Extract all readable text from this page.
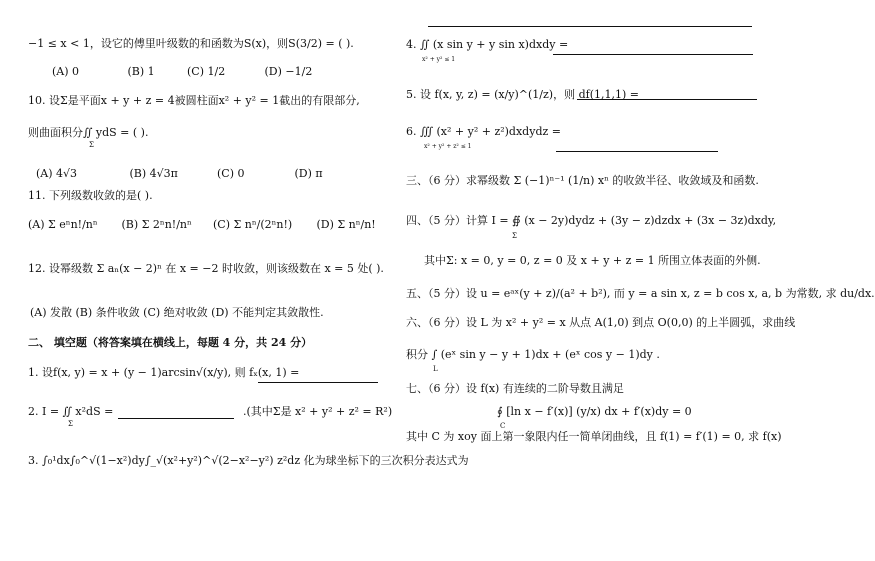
−1 ≤ x < 1，设它的傅里叶级数的和函数为S(x)，则S(3/2) = ( ).
(A) 0	(B) 1	(C) 1/2	(D) −1/2
10. 设Σ是平面x + y + z = 4被圆柱面x² + y² = 1截出的有限部分,
则曲面积分∬ ydS = ( ).
Σ
(A) 4√3	(B) 4√3π	(C) 0	(D) π
11. 下列级数收敛的是( ).
(A) Σ eⁿn!/nⁿ (B) Σ 2ⁿn!/nⁿ (C) Σ nⁿ/(2ⁿn!) (D) Σ nⁿ/n!
12. 设幂级数 Σ aₙ(x − 2)ⁿ 在 x = −2 时收敛，则该级数在 x = 5 处( ).
(A) 发散 (B) 条件收敛 (C) 绝对收敛 (D) 不能判定其敛散性.
二、 填空题（将答案填在横线上，每题 4 分，共 24 分）
1. 设f(x, y) = x + (y − 1)arcsin√(x/y), 则 fₓ(x, 1) =
2. I = ∬ x²dS =	.(其中Σ是 x² + y² + z² = R²)
Σ
3. ∫₀¹dx∫₀^√(1−x²)dy∫_√(x²+y²)^√(2−x²−y²) z²dz 化为球坐标下的三次积分表达式为
4. ∬ (x sin y + y sin x)dxdy =
x² + y² ≤ 1
5. 设 f(x, y, z) = (x/y)^(1/z)，则 df(1,1,1) =
6. ∭ (x² + y² + z²)dxdydz =
x² + y² + z² ≤ 1
三、（6 分）求幂级数 Σ (−1)ⁿ⁻¹ (1/n) xⁿ 的收敛半径、收敛域及和函数.
四、（5 分）计算 I = ∯ (x − 2y)dydz + (3y − z)dzdx + (3x − 3z)dxdy,
Σ
其中Σ: x = 0, y = 0, z = 0 及 x + y + z = 1 所围立体表面的外侧.
五、（5 分）设 u = eᵃˣ(y + z)/(a² + b²), 而 y = a sin x, z = b cos x, a, b 为常数, 求 du/dx.
六、（6 分）设 L 为 x² + y² = x 从点 A(1,0) 到点 O(0,0) 的上半圆弧，求曲线
积分 ∫ (eˣ sin y − y + 1)dx + (eˣ cos y − 1)dy .
L
七、（6 分）设 f(x) 有连续的二阶导数且满足
∮ [ln x − f′(x)] (y/x) dx + f′(x)dy = 0
C
其中 C 为 xoy 面上第一象限内任一简单闭曲线，且 f(1) = f′(1) = 0, 求 f(x)
